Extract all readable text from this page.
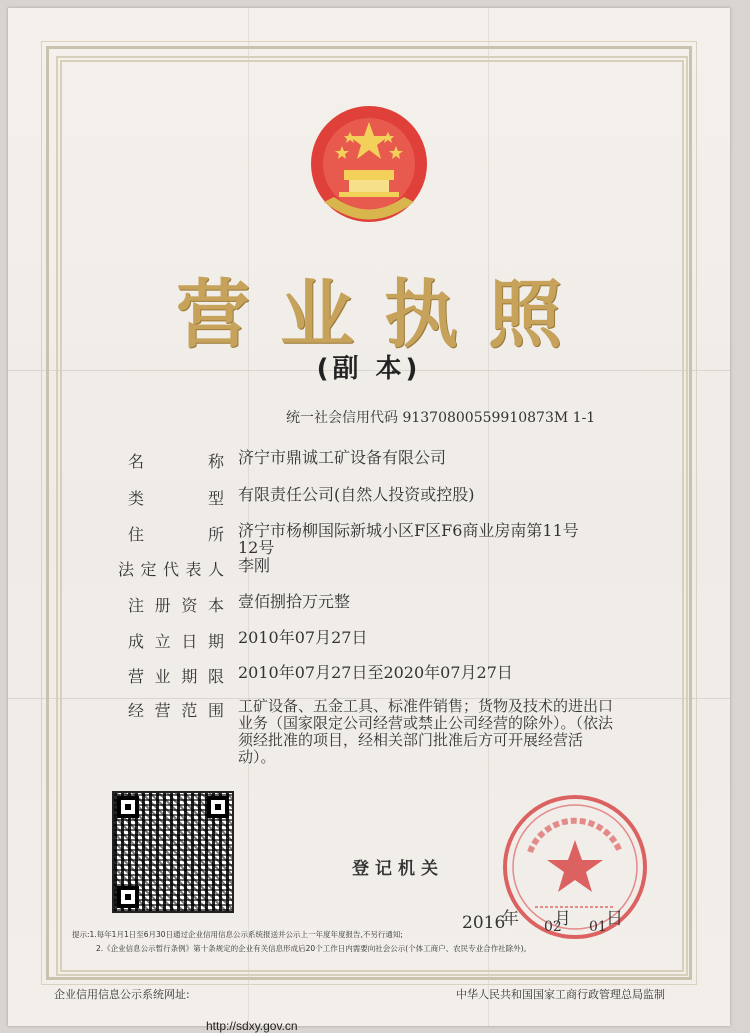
营业执照
(副 本)
统一社会信用代码 91370800559910873M 1-1
名 称 济宁市鼎诚工矿设备有限公司
类 型 有限责任公司(自然人投资或控股)
住 所 济宁市杨柳国际新城小区F区F6商业房南第11号12号
法定代表人 李刚
注册资本 壹佰捌拾万元整
成立日期 2010年07月27日
营业期限 2010年07月27日至2020年07月27日
经营范围 工矿设备、五金工具、标准件销售；货物及技术的进出口业务（国家限定公司经营或禁止公司经营的除外）。（依法须经批准的项目，经相关部门批准后方可开展经营活动）。
登记机关
2016
年 02
月 01 日
提示:1.每年1月1日至6月30日通过企业信用信息公示系统报送并公示上一年度年度报告,不另行通知;
2.《企业信息公示暂行条例》第十条规定的企业有关信息形成后20个工作日内需要向社会公示(个体工商户、农民专业合作社除外)。
企业信用信息公示系统网址:	中华人民共和国国家工商行政管理总局监制
http://sdxy.gov.cn
